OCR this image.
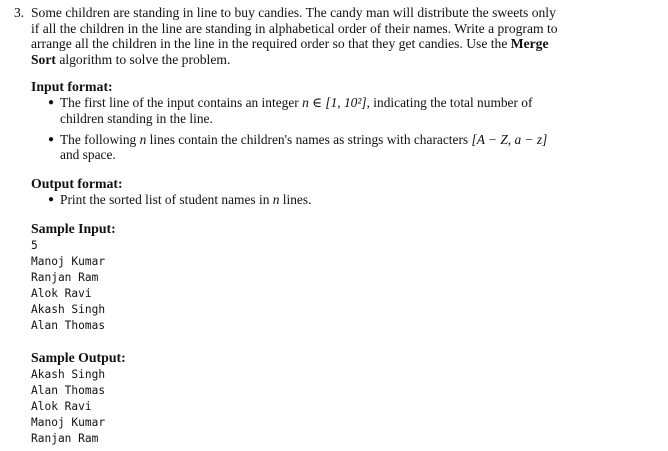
3. Some children are standing in line to buy candies. The candy man will distribute the sweets only
if all the children in the line are standing in alphabetical order of their names. Write a program to
arrange all the children in the line in the required order so that they get candies. Use the Merge
Sort algorithm to solve the problem.
Input format:
● The first line of the input contains an integer n ∈ [1, 10²], indicating the total number of
children standing in the line.
● The following n lines contain the children's names as strings with characters [A − Z, a − z]
and space.
Output format:
● Print the sorted list of student names in n lines.
Sample Input:
5
Manoj Kumar
Ranjan Ram
Alok Ravi
Akash Singh
Alan Thomas
Sample Output:
Akash Singh
Alan Thomas
Alok Ravi
Manoj Kumar
Ranjan Ram
